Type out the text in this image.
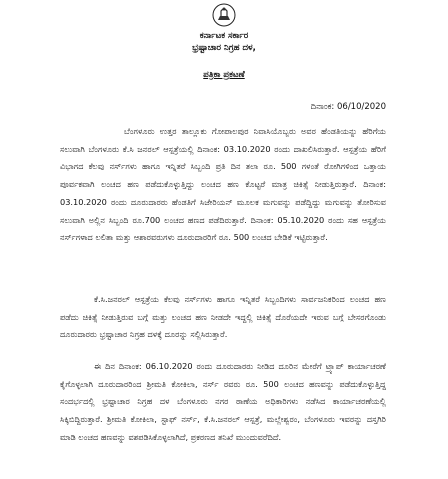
ಕರ್ನಾಟಕ ಸರ್ಕಾರ
ಭ್ರಷ್ಟಾಚಾರ ನಿಗ್ರಹ ದಳ,
ಪತ್ರಿಕಾ ಪ್ರಕಟಣೆ
ದಿನಾಂಕ: 06/10/2020
ಬೆಂಗಳೂರು ಉತ್ತರ ತಾಲ್ಲೂಕು ಗೋಪಾಲಪುರ ನಿವಾಸಿಯೊಬ್ಬರು ಅವರ ಹೆಂಡತಿಯನ್ನು ಹೆರಿಗೆಯ ಸಲುವಾಗಿ ಬೆಂಗಳೂರು ಕೆ.ಸಿ ಜನರಲ್ ಆಸ್ಪತ್ರೆಯಲ್ಲಿ ದಿನಾಂಕ: 03.10.2020 ರಂದು ದಾಖಲಿಸಿರುತ್ತಾರೆ. ಆಸ್ಪತ್ರೆಯ ಹೆರಿಗೆ ವಿಭಾಗದ ಕೆಲವು ನರ್ಸ್‌ಗಳು ಹಾಗೂ ಇನ್ನಿತರೆ ಸಿಬ್ಬಂದಿ ಪ್ರತಿ ದಿನ ತಲಾ ರೂ. 500 ಗಳಂತೆ ರೋಗಿಗಳಿಂದ ಒತ್ತಾಯ ಪೂರ್ವಕವಾಗಿ ಲಂಚದ ಹಣ ಪಡೆದುಕೊಳ್ಳುತ್ತಿದ್ದು ಲಂಚದ ಹಣ ಕೊಟ್ಟರೆ ಮಾತ್ರ ಚಿಕಿತ್ಸೆ ನೀಡುತ್ತಿರುತ್ತಾರೆ. ದಿನಾಂಕ: 03.10.2020 ರಂದು ದೂರುದಾರರು ಹೆಂಡತಿಗೆ ಸಿಜೇರಿಯನ್ ಮೂಲಕ ಮಗುವನ್ನು ಪಡೆದ್ದಿದ್ದು ಮಗುವನ್ನು ತೋರಿಸುವ ಸಲುವಾಗಿ ಅಲ್ಲಿನ ಸಿಬ್ಬಂದಿ ರೂ.700 ಲಂಚದ ಹಣದ ಪಡೆದಿರುತ್ತಾರೆ. ದಿನಾಂಕ: 05.10.2020 ರಂದು ಸಹ ಆಸ್ಪತ್ರೆಯ ನರ್ಸ್‌ಗಳಾದ ಲಲಿತಾ ಮತ್ತು ಆಶಾರವರುಗಳು ದೂರುದಾರರಿಗೆ ರೂ. 500 ಲಂಚದ ಬೇಡಿಕೆ ಇಟ್ಟಿರುತ್ತಾರೆ.
ಕೆ.ಸಿ.ಜನರಲ್ ಆಸ್ಪತ್ರೆಯ ಕೆಲವು ನರ್ಸ್‌ಗಳು ಹಾಗೂ ಇನ್ನಿತರೆ ಸಿಬ್ಬಂದಿಗಳು ಸಾರ್ವಜನಿಕರಿಂದ ಲಂಚದ ಹಣ ಪಡೆದು ಚಿಕಿತ್ಸೆ ನೀಡುತ್ತಿರುವ ಬಗ್ಗೆ ಮತ್ತು ಲಂಚದ ಹಣ ನೀಡದೇ ಇದ್ದಲ್ಲಿ ಚಿಕಿತ್ಸೆ ದೊರೆಯದೇ ಇರುವ ಬಗ್ಗೆ ಬೇಸರಗೊಂಡು ದೂರುದಾರರು ಭ್ರಷ್ಟಾಚಾರ ನಿಗ್ರಹ ದಳಕ್ಕೆ ದೂರನ್ನು ಸಲ್ಲಿಸಿರುತ್ತಾರೆ.
ಈ ದಿನ ದಿನಾಂಕ: 06.10.2020 ರಂದು ದೂರುದಾರರು ನೀಡಿದ ದೂರಿನ ಮೇರೆಗೆ ಟ್ರ್ಯಾಪ್ ಕಾರ್ಯಾಚರಣೆ ಕೈಗೊಳ್ಳಲಾಗಿ ದೂರುದಾರರಿಂದ ಶ್ರೀಮತಿ ಕೋಕಿಲಾ, ನರ್ಸ್ ರವರು ರೂ. 500 ಲಂಚದ ಹಣವನ್ನು ಪಡೆದುಕೊಳ್ಳುತ್ತಿದ್ದ ಸಂದರ್ಭದಲ್ಲಿ ಭ್ರಷ್ಟಾಚಾರ ನಿಗ್ರಹ ದಳ ಬೆಂಗಳೂರು ನಗರ ಠಾಣೆಯ ಅಧಿಕಾರಿಗಳು ನಡೆಸಿದ ಕಾರ್ಯಾಚರಣೆಯಲ್ಲಿ ಸಿಕ್ಕಿಬಿದ್ದಿರುತ್ತಾರೆ. ಶ್ರೀಮತಿ ಕೋಕಿಲಾ, ಸ್ಟಾಫ್ ನರ್ಸ್, ಕೆ.ಸಿ.ಜನರಲ್ ಆಸ್ಪತ್ರೆ, ಮಲ್ಲೇಶ್ವರಂ, ಬೆಂಗಳೂರು ಇವರನ್ನು ದಸ್ತಗಿರಿ ಮಾಡಿ ಲಂಚದ ಹಣವನ್ನು ವಶಪಡಿಸಿಕೊಳ್ಳಲಾಗಿದೆ, ಪ್ರಕರಣದ ತನಿಖೆ ಮುಂದುವರೆದಿದೆ.
